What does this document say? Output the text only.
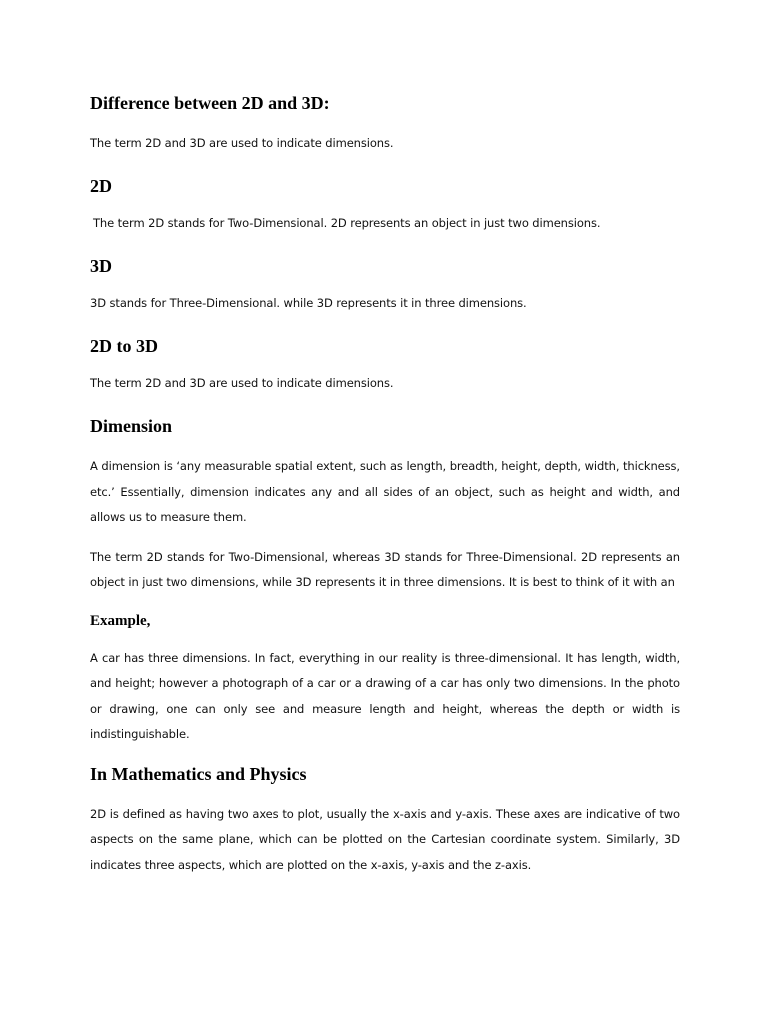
Difference between 2D and 3D:

The term 2D and 3D are used to indicate dimensions.

2D

The term 2D stands for Two-Dimensional. 2D represents an object in just two dimensions.

3D

3D stands for Three-Dimensional. while 3D represents it in three dimensions.

2D to 3D

The term 2D and 3D are used to indicate dimensions.

Dimension

A dimension is ‘any measurable spatial extent, such as length, breadth, height, depth, width, thickness, etc.’ Essentially, dimension indicates any and all sides of an object, such as height and width, and allows us to measure them.

The term 2D stands for Two-Dimensional, whereas 3D stands for Three-Dimensional. 2D represents an object in just two dimensions, while 3D represents it in three dimensions. It is best to think of it with an

Example,

A car has three dimensions. In fact, everything in our reality is three-dimensional. It has length, width, and height; however a photograph of a car or a drawing of a car has only two dimensions. In the photo or drawing, one can only see and measure length and height, whereas the depth or width is indistinguishable.

In Mathematics and Physics

2D is defined as having two axes to plot, usually the x-axis and y-axis. These axes are indicative of two aspects on the same plane, which can be plotted on the Cartesian coordinate system. Similarly, 3D indicates three aspects, which are plotted on the x-axis, y-axis and the z-axis.
